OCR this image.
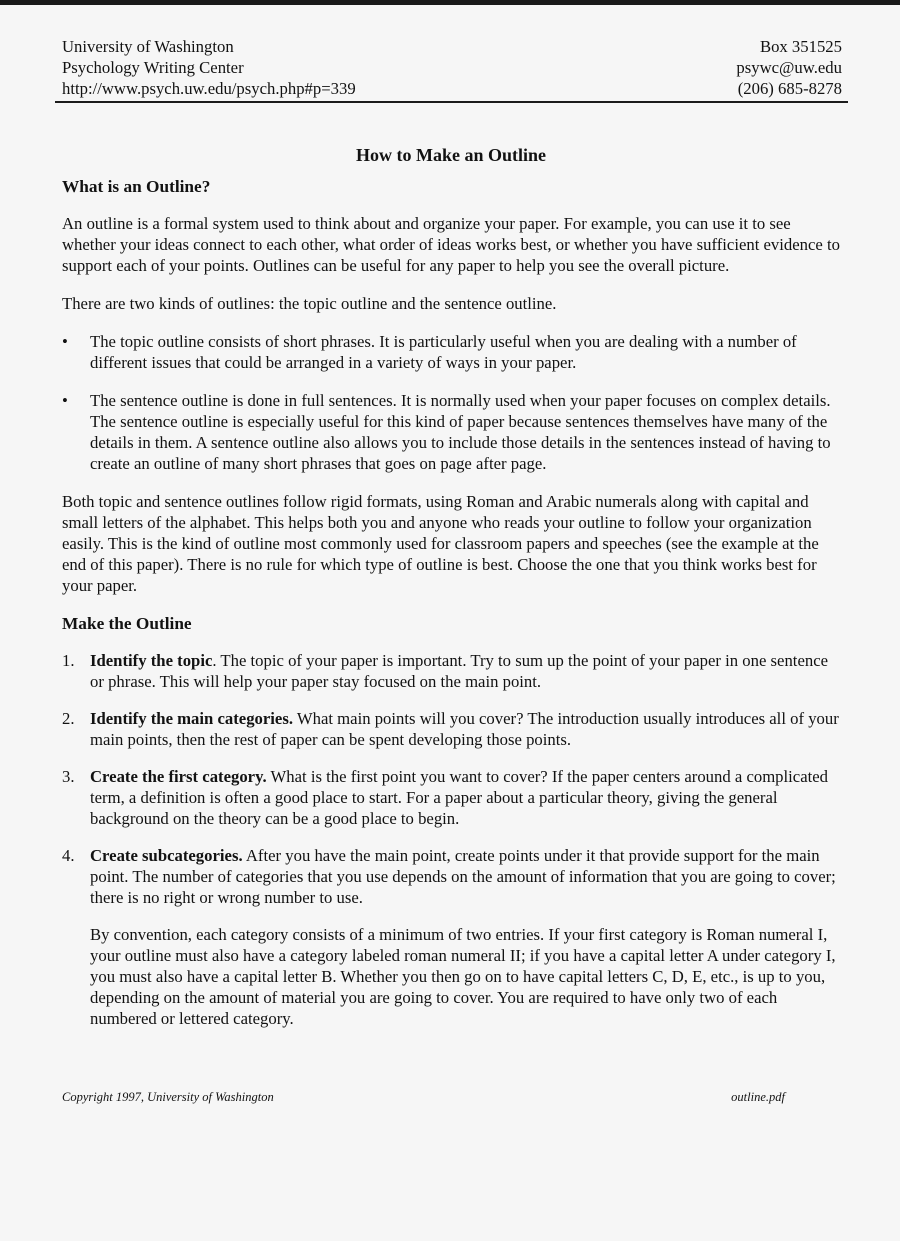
University of Washington
Psychology Writing Center
http://www.psych.uw.edu/psych.php#p=339
Box 351525
psywc@uw.edu
(206) 685-8278
How to Make an Outline
What is an Outline?

An outline is a formal system used to think about and organize your paper. For example, you can use it to see whether your ideas connect to each other, what order of ideas works best, or whether you have sufficient evidence to support each of your points. Outlines can be useful for any paper to help you see the overall picture.

There are two kinds of outlines: the topic outline and the sentence outline.

•	The topic outline consists of short phrases. It is particularly useful when you are dealing with a number of different issues that could be arranged in a variety of ways in your paper.
•	The sentence outline is done in full sentences. It is normally used when your paper focuses on complex details. The sentence outline is especially useful for this kind of paper because sentences themselves have many of the details in them. A sentence outline also allows you to include those details in the sentences instead of having to create an outline of many short phrases that goes on page after page.

Both topic and sentence outlines follow rigid formats, using Roman and Arabic numerals along with capital and small letters of the alphabet. This helps both you and anyone who reads your outline to follow your organization easily. This is the kind of outline most commonly used for classroom papers and speeches (see the example at the end of this paper). There is no rule for which type of outline is best. Choose the one that you think works best for your paper.

Make the Outline
1. Identify the topic. The topic of your paper is important. Try to sum up the point of your paper in one sentence or phrase. This will help your paper stay focused on the main point.
2. Identify the main categories. What main points will you cover? The introduction usually introduces all of your main points, then the rest of paper can be spent developing those points.
3. Create the first category. What is the first point you want to cover? If the paper centers around a complicated term, a definition is often a good place to start. For a paper about a particular theory, giving the general background on the theory can be a good place to begin.
4. Create subcategories. After you have the main point, create points under it that provide support for the main point. The number of categories that you use depends on the amount of information that you are going to cover; there is no right or wrong number to use.

By convention, each category consists of a minimum of two entries. If your first category is Roman numeral I, your outline must also have a category labeled roman numeral II; if you have a capital letter A under category I, you must also have a capital letter B. Whether you then go on to have capital letters C, D, E, etc., is up to you, depending on the amount of material you are going to cover. You are required to have only two of each numbered or lettered category.

Copyright 1997, University of Washington	outline.pdf
